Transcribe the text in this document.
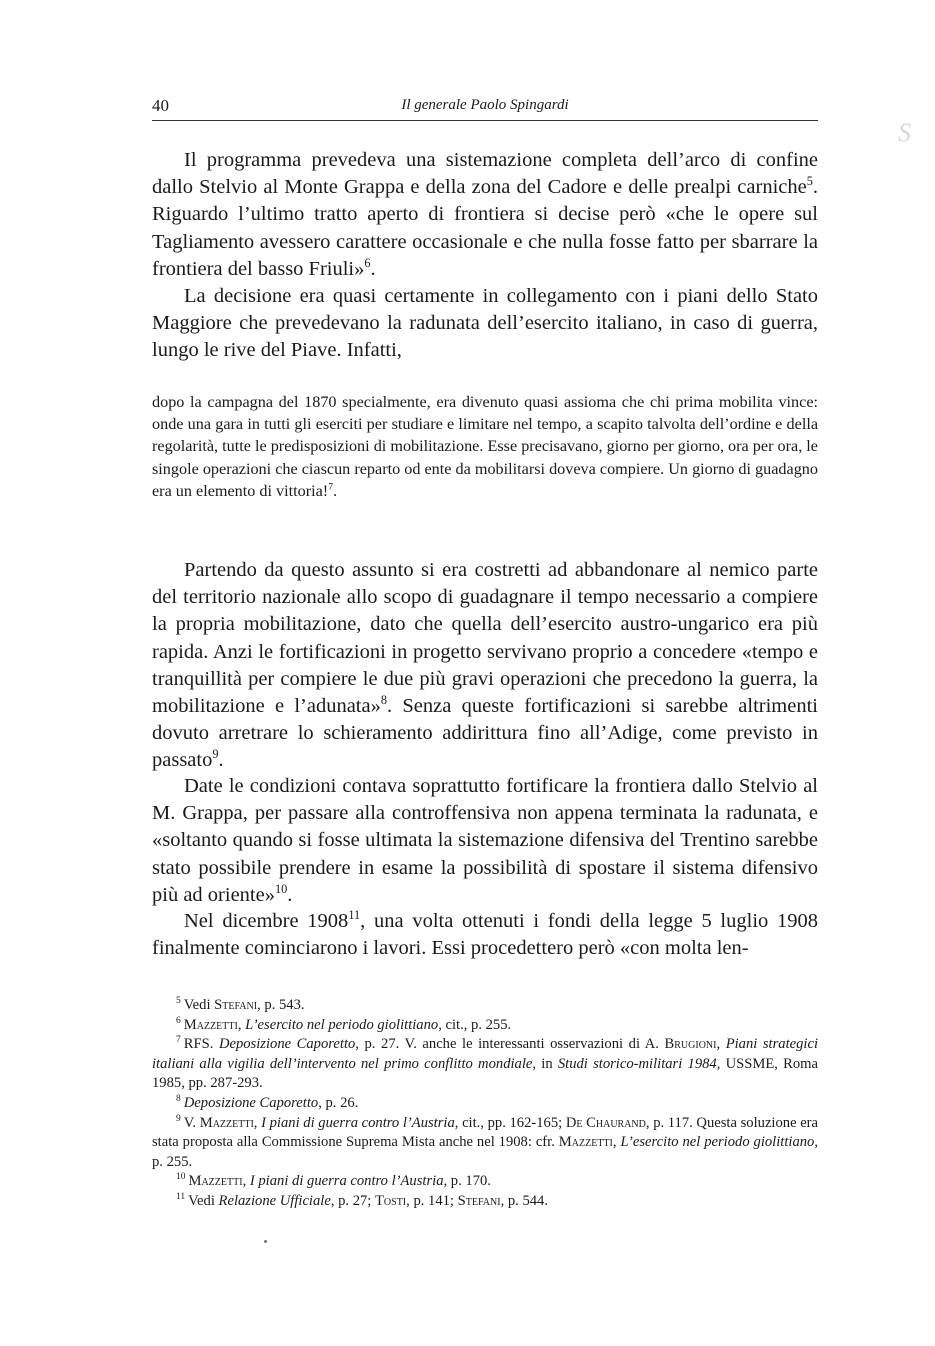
40	Il generale Paolo Spingardi
S

Il programma prevedeva una sistemazione completa dell’arco di confine dallo Stelvio al Monte Grappa e della zona del Cadore e delle prealpi carniche$^5$. Riguardo l’ultimo tratto aperto di frontiera si decise però «che le opere sul Tagliamento avessero carattere occasionale e che nulla fosse fatto per sbarrare la frontiera del basso Friuli»$^6$.

La decisione era quasi certamente in collegamento con i piani dello Stato Maggiore che prevedevano la radunata dell’esercito italiano, in caso di guerra, lungo le rive del Piave. Infatti,

dopo la campagna del 1870 specialmente, era divenuto quasi assioma che chi prima mobilita vince: onde una gara in tutti gli eserciti per studiare e limitare nel tempo, a scapito talvolta dell’ordine e della regolarità, tutte le predisposizioni di mobilitazione. Esse precisavano, giorno per giorno, ora per ora, le singole operazioni che ciascun reparto od ente da mobilitarsi doveva compiere. Un giorno di guadagno era un elemento di vittoria!$^7$.

Partendo da questo assunto si era costretti ad abbandonare al nemico parte del territorio nazionale allo scopo di guadagnare il tempo necessario a compiere la propria mobilitazione, dato che quella dell’esercito austro-ungarico era più rapida. Anzi le fortificazioni in progetto servivano proprio a concedere «tempo e tranquillità per compiere le due più gravi operazioni che precedono la guerra, la mobilitazione e l’adunata»$^8$. Senza queste fortificazioni si sarebbe altrimenti dovuto arretrare lo schieramento addirittura fino all’Adige, come previsto in passato$^9$.

Date le condizioni contava soprattutto fortificare la frontiera dallo Stelvio al M. Grappa, per passare alla controffensiva non appena terminata la radunata, e «soltanto quando si fosse ultimata la sistemazione difensiva del Trentino sarebbe stato possibile prendere in esame la possibilità di spostare il sistema difensivo più ad oriente»$^{10}$.

Nel dicembre 1908$^{11}$, una volta ottenuti i fondi della legge 5 luglio 1908 finalmente cominciarono i lavori. Essi procedettero però «con molta len-

$^5$ Vedi Stefani, p. 543.

$^6$ Mazzetti, L’esercito nel periodo giolittiano, cit., p. 255.

$^7$ RFS. Deposizione Caporetto, p. 27. V. anche le interessanti osservazioni di A. Brugioni, Piani strategici italiani alla vigilia dell’intervento nel primo conflitto mondiale, in Studi storico-militari 1984, USSME, Roma 1985, pp. 287-293.

$^8$ Deposizione Caporetto, p. 26.

$^9$ V. Mazzetti, I piani di guerra contro l’Austria, cit., pp. 162-165; De Chaurand, p. 117. Questa soluzione era stata proposta alla Commissione Suprema Mista anche nel 1908: cfr. Mazzetti, L’esercito nel periodo giolittiano, p. 255.

$^{10}$ Mazzetti, I piani di guerra contro l’Austria, p. 170.

$^{11}$ Vedi Relazione Ufficiale, p. 27; Tosti, p. 141; Stefani, p. 544.
